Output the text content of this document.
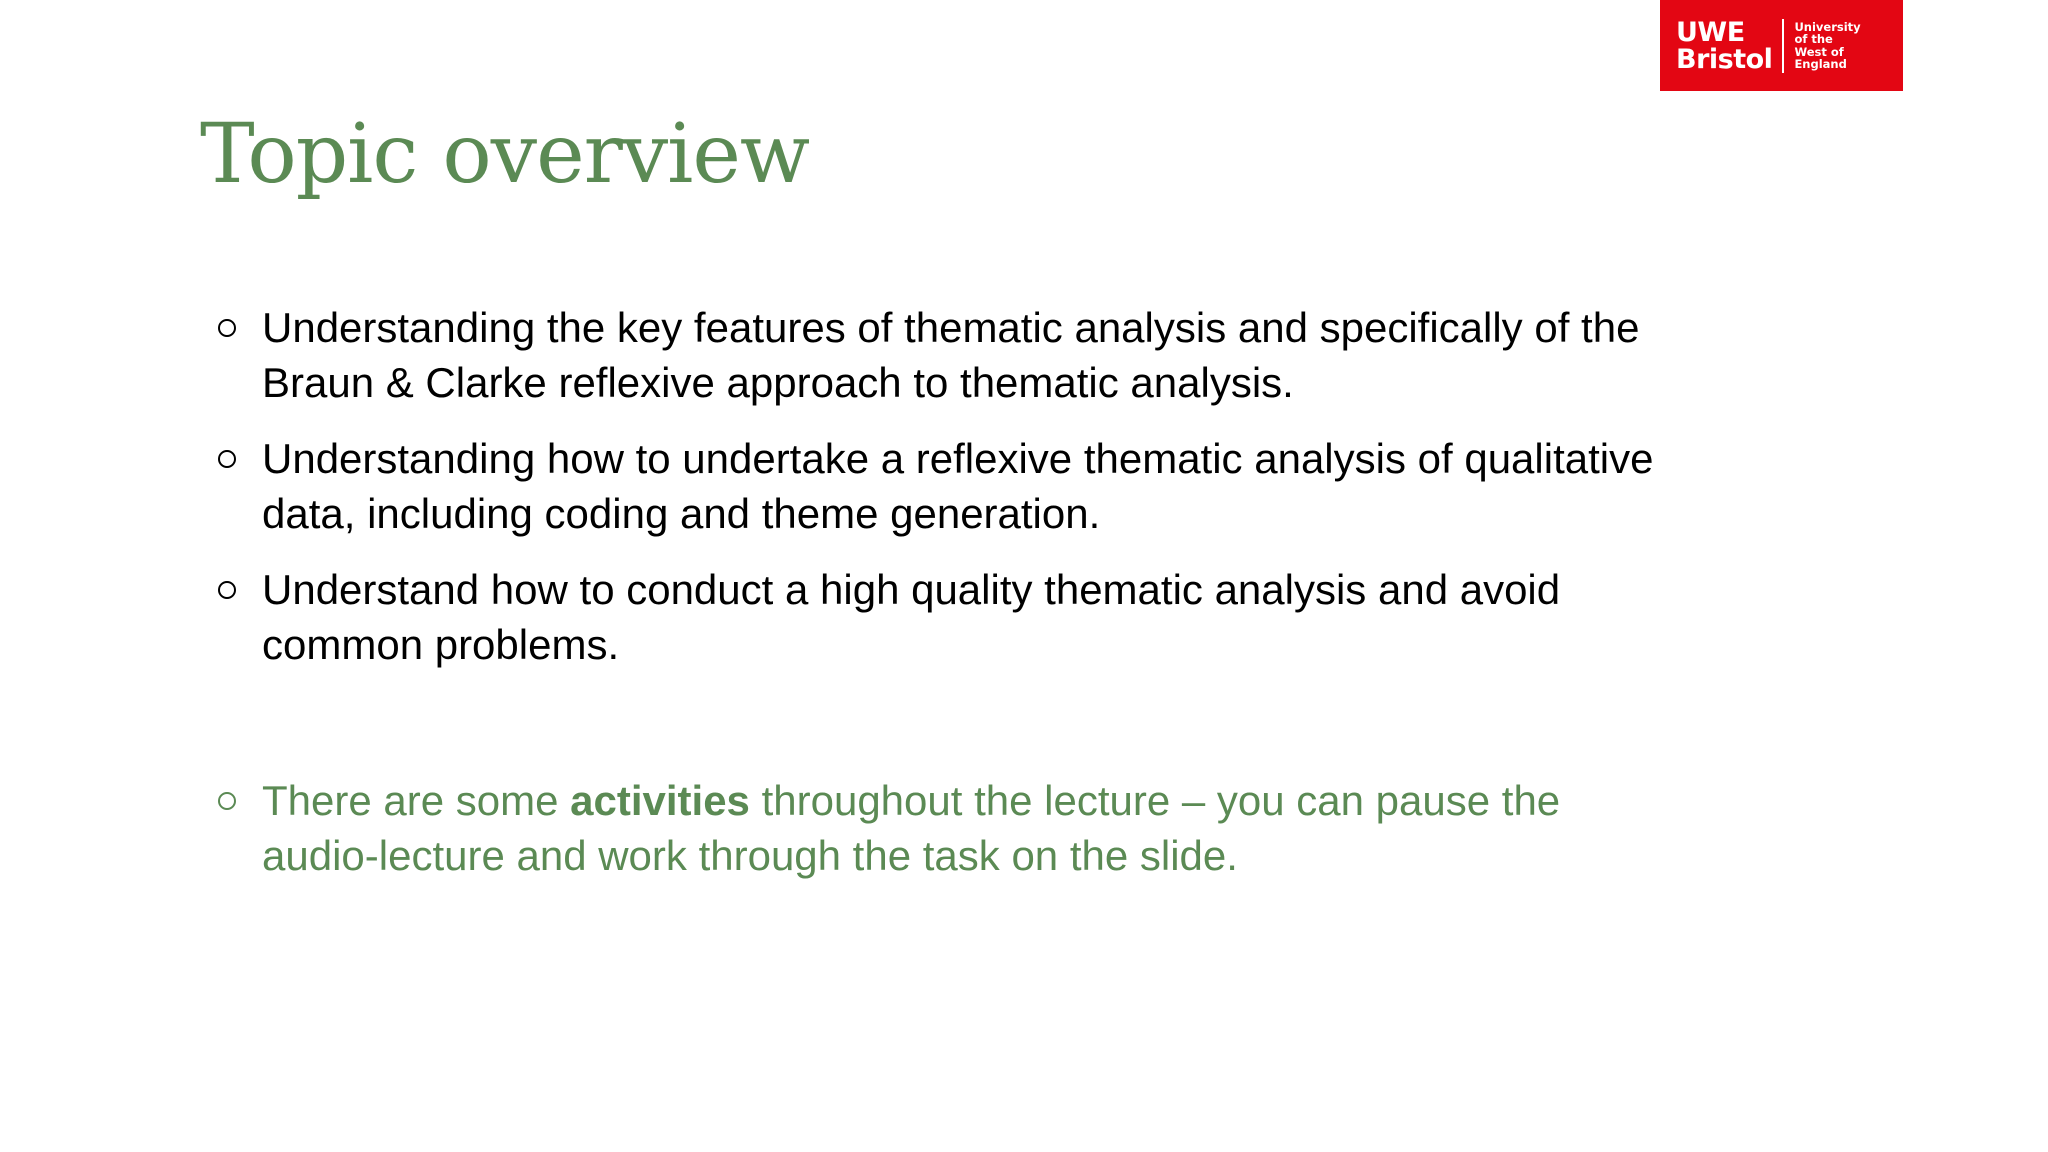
UWE
Bristol
University
of the
West of
England
Topic overview
Understanding the key features of thematic analysis and specifically of the Braun & Clarke reflexive approach to thematic analysis.
Understanding how to undertake a reflexive thematic analysis of qualitative data, including coding and theme generation.
Understand how to conduct a high quality thematic analysis and avoid common problems.
There are some activities throughout the lecture – you can pause the audio-lecture and work through the task on the slide.
